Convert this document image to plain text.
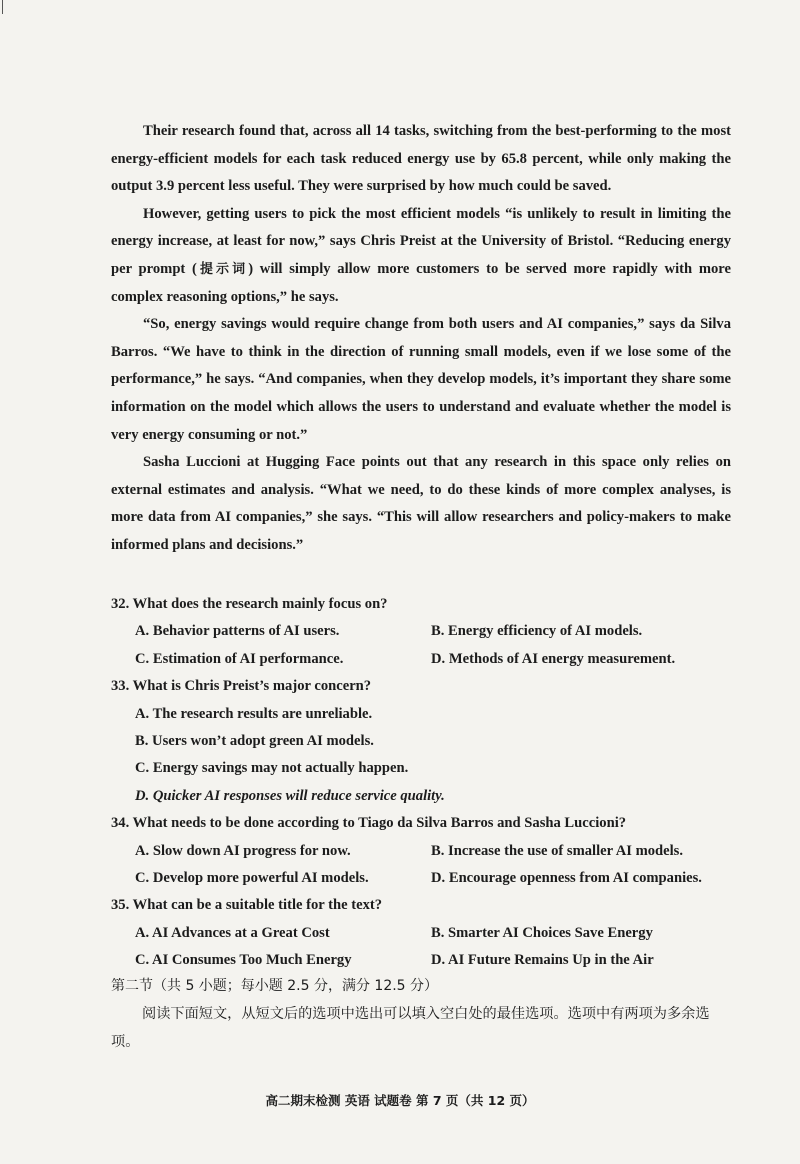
Their research found that, across all 14 tasks, switching from the best-performing to the most energy-efficient models for each task reduced energy use by 65.8 percent, while only making the output 3.9 percent less useful. They were surprised by how much could be saved.

However, getting users to pick the most efficient models “is unlikely to result in limiting the energy increase, at least for now,” says Chris Preist at the University of Bristol. “Reducing energy per prompt (提示词) will simply allow more customers to be served more rapidly with more complex reasoning options,” he says.

“So, energy savings would require change from both users and AI companies,” says da Silva Barros. “We have to think in the direction of running small models, even if we lose some of the performance,” he says. “And companies, when they develop models, it’s important they share some information on the model which allows the users to understand and evaluate whether the model is very energy consuming or not.”

Sasha Luccioni at Hugging Face points out that any research in this space only relies on external estimates and analysis. “What we need, to do these kinds of more complex analyses, is more data from AI companies,” she says. “This will allow researchers and policy-makers to make informed plans and decisions.”

32. What does the research mainly focus on?

A. Behavior patterns of AI users.	B. Energy efficiency of AI models.
C. Estimation of AI performance.	D. Methods of AI energy measurement.

33. What is Chris Preist’s major concern?

A. The research results are unreliable.

B. Users won’t adopt green AI models.

C. Energy savings may not actually happen.

D. Quicker AI responses will reduce service quality.

34. What needs to be done according to Tiago da Silva Barros and Sasha Luccioni?

A. Slow down AI progress for now.	B. Increase the use of smaller AI models.
C. Develop more powerful AI models.	D. Encourage openness from AI companies.

35. What can be a suitable title for the text?

A. AI Advances at a Great Cost	B. Smarter AI Choices Save Energy
C. AI Consumes Too Much Energy	D. AI Future Remains Up in the Air

第二节（共 5 小题；每小题 2.5 分，满分 12.5 分）

阅读下面短文，从短文后的选项中选出可以填入空白处的最佳选项。选项中有两项为多余选项。

高二期末检测 英语 试题卷 第 7 页（共 12 页）
